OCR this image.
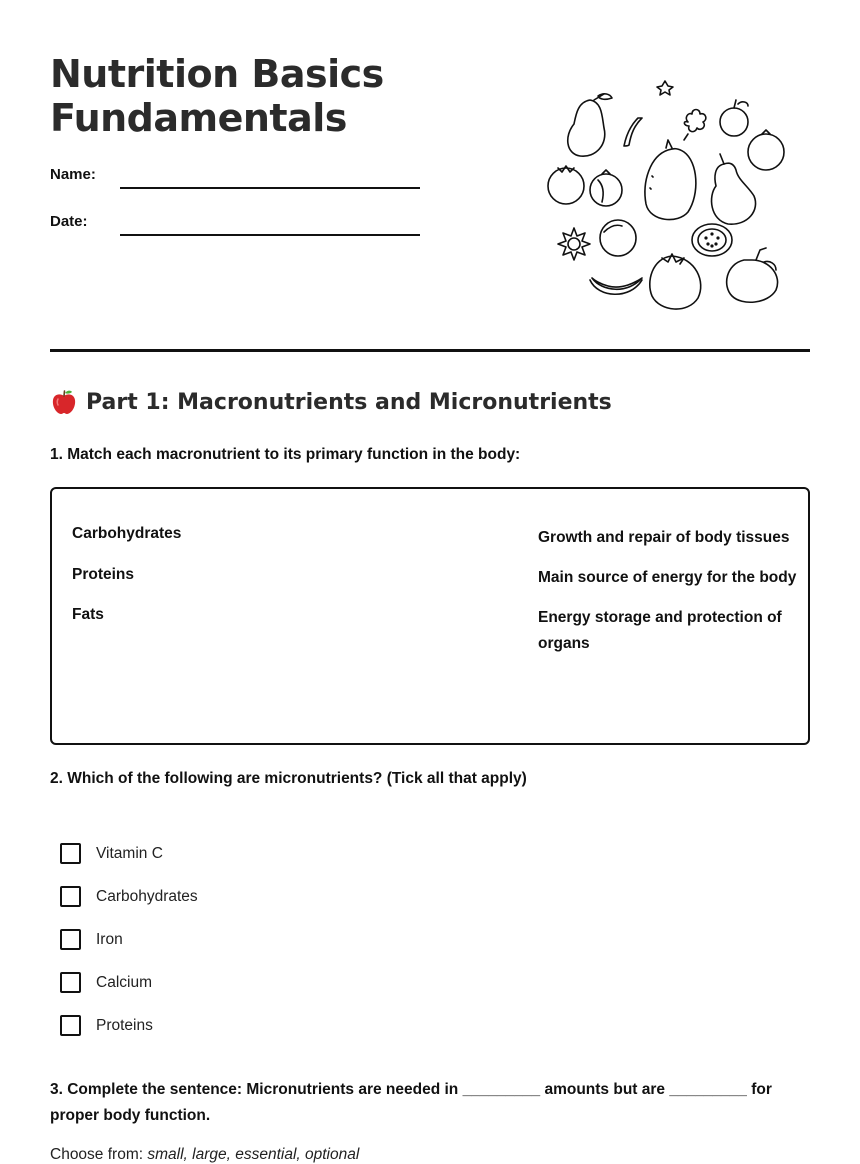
Nutrition Basics
Fundamentals
Name:
Date:
Part 1: Macronutrients and Micronutrients
1. Match each macronutrient to its primary function in the body:
Carbohydrates
Proteins
Fats
Growth and repair of body tissues
Main source of energy for the body
Energy storage and protection of organs
2. Which of the following are micronutrients? (Tick all that apply)
Vitamin C
Carbohydrates
Iron
Calcium
Proteins
3. Complete the sentence: Micronutrients are needed in _________ amounts but are _________ for proper body function.
Choose from: small, large, essential, optional
